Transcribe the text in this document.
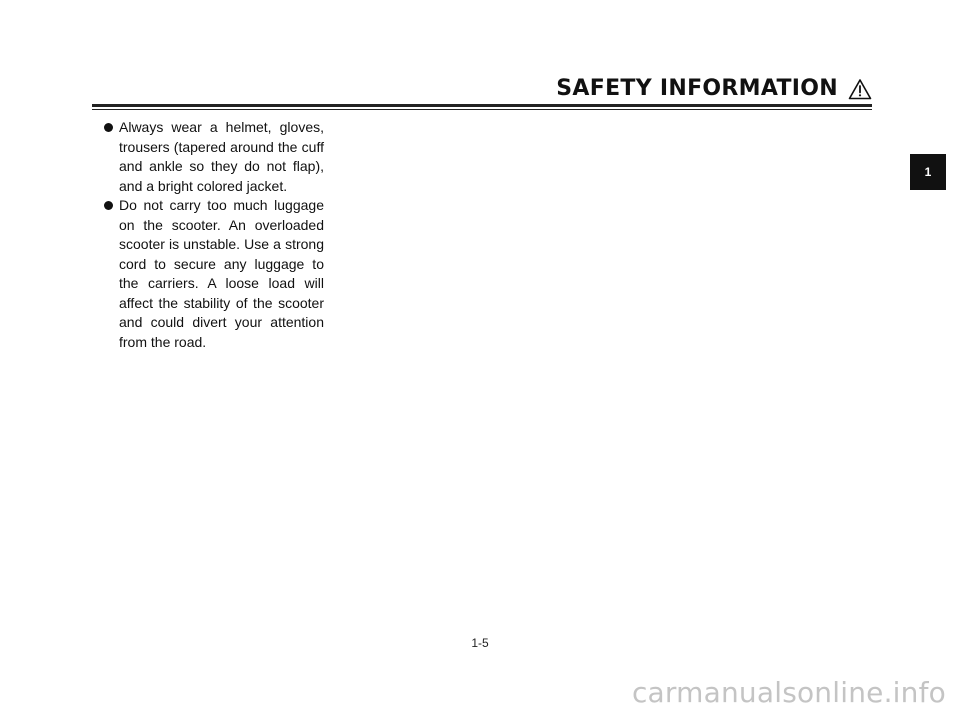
SAFETY INFORMATION
1

Always wear a helmet, gloves, trousers (tapered around the cuff and ankle so they do not flap), and a bright colored jacket.

Do not carry too much luggage on the scooter. An overloaded scooter is unstable. Use a strong cord to secure any luggage to the carriers. A loose load will affect the stability of the scooter and could divert your attention from the road.

1-5
carmanualsonline.info
